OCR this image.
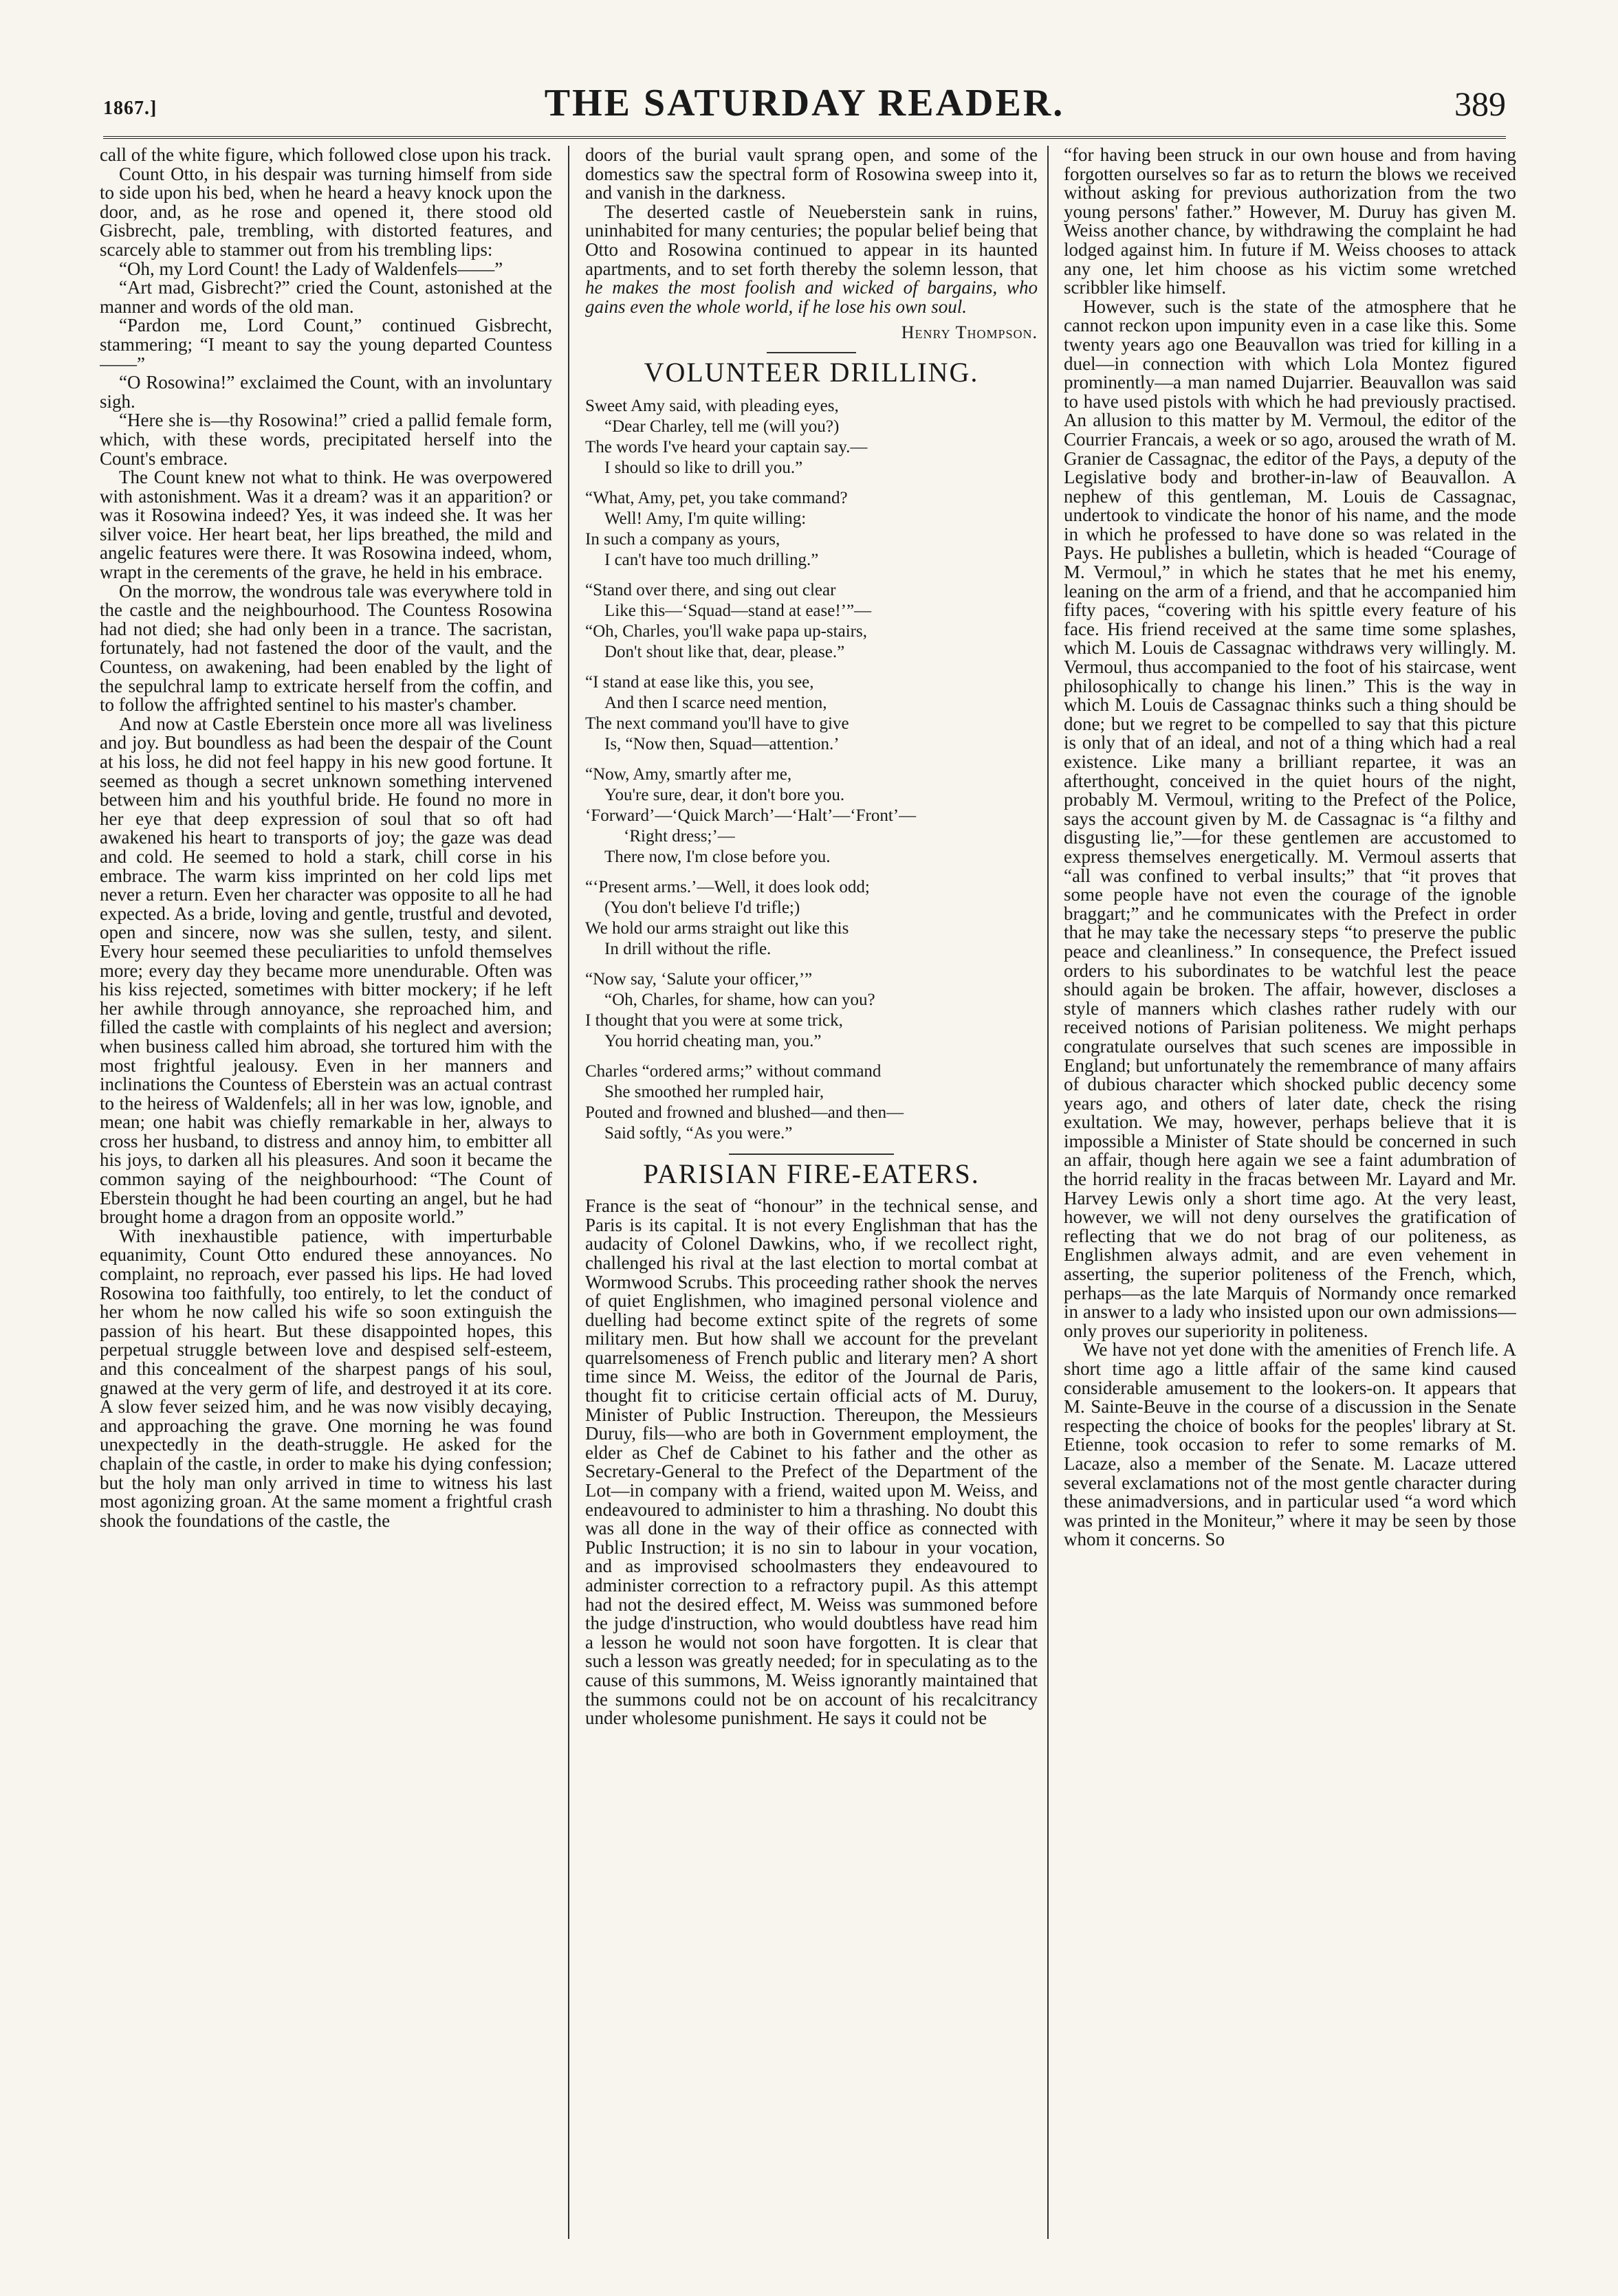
1867.]	THE SATURDAY READER.	389

call of the white figure, which followed close upon his track.

Count Otto, in his despair was turning himself from side to side upon his bed, when he heard a heavy knock upon the door, and, as he rose and opened it, there stood old Gisbrecht, pale, trembling, with distorted features, and scarcely able to stammer out from his trembling lips:

“Oh, my Lord Count! the Lady of Waldenfels——”

“Art mad, Gisbrecht?” cried the Count, astonished at the manner and words of the old man.

“Pardon me, Lord Count,” continued Gisbrecht, stammering; “I meant to say the young departed Countess——”

“O Rosowina!” exclaimed the Count, with an involuntary sigh.

“Here she is—thy Rosowina!” cried a pallid female form, which, with these words, precipitated herself into the Count's embrace.

The Count knew not what to think. He was overpowered with astonishment. Was it a dream? was it an apparition? or was it Rosowina indeed? Yes, it was indeed she. It was her silver voice. Her heart beat, her lips breathed, the mild and angelic features were there. It was Rosowina indeed, whom, wrapt in the cerements of the grave, he held in his embrace.

On the morrow, the wondrous tale was everywhere told in the castle and the neighbourhood. The Countess Rosowina had not died; she had only been in a trance. The sacristan, fortunately, had not fastened the door of the vault, and the Countess, on awakening, had been enabled by the light of the sepulchral lamp to extricate herself from the coffin, and to follow the affrighted sentinel to his master's chamber.

And now at Castle Eberstein once more all was liveliness and joy. But boundless as had been the despair of the Count at his loss, he did not feel happy in his new good fortune. It seemed as though a secret unknown something intervened between him and his youthful bride. He found no more in her eye that deep expression of soul that so oft had awakened his heart to transports of joy; the gaze was dead and cold. He seemed to hold a stark, chill corse in his embrace. The warm kiss imprinted on her cold lips met never a return. Even her character was opposite to all he had expected. As a bride, loving and gentle, trustful and devoted, open and sincere, now was she sullen, testy, and silent. Every hour seemed these peculiarities to unfold themselves more; every day they became more unendurable. Often was his kiss rejected, sometimes with bitter mockery; if he left her awhile through annoyance, she reproached him, and filled the castle with complaints of his neglect and aversion; when business called him abroad, she tortured him with the most frightful jealousy. Even in her manners and inclinations the Countess of Eberstein was an actual contrast to the heiress of Waldenfels; all in her was low, ignoble, and mean; one habit was chiefly remarkable in her, always to cross her husband, to distress and annoy him, to embitter all his joys, to darken all his pleasures. And soon it became the common saying of the neighbourhood: “The Count of Eberstein thought he had been courting an angel, but he had brought home a dragon from an opposite world.”

With inexhaustible patience, with imperturbable equanimity, Count Otto endured these annoyances. No complaint, no reproach, ever passed his lips. He had loved Rosowina too faithfully, too entirely, to let the conduct of her whom he now called his wife so soon extinguish the passion of his heart. But these disappointed hopes, this perpetual struggle between love and despised self-esteem, and this concealment of the sharpest pangs of his soul, gnawed at the very germ of life, and destroyed it at its core. A slow fever seized him, and he was now visibly decaying, and approaching the grave. One morning he was found unexpectedly in the death-struggle. He asked for the chaplain of the castle, in order to make his dying confession; but the holy man only arrived in time to witness his last most agonizing groan. At the same moment a frightful crash shook the foundations of the castle, the

doors of the burial vault sprang open, and some of the domestics saw the spectral form of Rosowina sweep into it, and vanish in the darkness.

The deserted castle of Neueberstein sank in ruins, uninhabited for many centuries; the popular belief being that Otto and Rosowina continued to appear in its haunted apartments, and to set forth thereby the solemn lesson, that he makes the most foolish and wicked of bargains, who gains even the whole world, if he lose his own soul.

Henry Thompson.
VOLUNTEER DRILLING.
Sweet Amy said, with pleading eyes,
“Dear Charley, tell me (will you?)
The words I've heard your captain say.—
I should so like to drill you.”
“What, Amy, pet, you take command?
Well! Amy, I'm quite willing:
In such a company as yours,
I can't have too much drilling.”
“Stand over there, and sing out clear
Like this—‘Squad—stand at ease!’”—
“Oh, Charles, you'll wake papa up-stairs,
Don't shout like that, dear, please.”
“I stand at ease like this, you see,
And then I scarce need mention,
The next command you'll have to give
Is, “Now then, Squad—attention.’
“Now, Amy, smartly after me,
You're sure, dear, it don't bore you.
‘Forward’—‘Quick March’—‘Halt’—‘Front’—
‘Right dress;’—
There now, I'm close before you.
“‘Present arms.’—Well, it does look odd;
(You don't believe I'd trifle;)
We hold our arms straight out like this
In drill without the rifle.
“Now say, ‘Salute your officer,’”
“Oh, Charles, for shame, how can you?
I thought that you were at some trick,
You horrid cheating man, you.”
Charles “ordered arms;” without command
She smoothed her rumpled hair,
Pouted and frowned and blushed—and then—
Said softly, “As you were.”
PARISIAN FIRE-EATERS.

France is the seat of “honour” in the technical sense, and Paris is its capital. It is not every Englishman that has the audacity of Colonel Dawkins, who, if we recollect right, challenged his rival at the last election to mortal combat at Wormwood Scrubs. This proceeding rather shook the nerves of quiet Englishmen, who imagined personal violence and duelling had become extinct spite of the regrets of some military men. But how shall we account for the prevelant quarrelsomeness of French public and literary men? A short time since M. Weiss, the editor of the Journal de Paris, thought fit to criticise certain official acts of M. Duruy, Minister of Public Instruction. Thereupon, the Messieurs Duruy, fils—who are both in Government employment, the elder as Chef de Cabinet to his father and the other as Secretary-General to the Prefect of the Department of the Lot—in company with a friend, waited upon M. Weiss, and endeavoured to administer to him a thrashing. No doubt this was all done in the way of their office as connected with Public Instruction; it is no sin to labour in your vocation, and as improvised schoolmasters they endeavoured to administer correction to a refractory pupil. As this attempt had not the desired effect, M. Weiss was summoned before the judge d'instruction, who would doubtless have read him a lesson he would not soon have forgotten. It is clear that such a lesson was greatly needed; for in speculating as to the cause of this summons, M. Weiss ignorantly maintained that the summons could not be on account of his recalcitrancy under wholesome punishment. He says it could not be

“for having been struck in our own house and from having forgotten ourselves so far as to return the blows we received without asking for previous authorization from the two young persons' father.” However, M. Duruy has given M. Weiss another chance, by withdrawing the complaint he had lodged against him. In future if M. Weiss chooses to attack any one, let him choose as his victim some wretched scribbler like himself.

However, such is the state of the atmosphere that he cannot reckon upon impunity even in a case like this. Some twenty years ago one Beauvallon was tried for killing in a duel—in connection with which Lola Montez figured prominently—a man named Dujarrier. Beauvallon was said to have used pistols with which he had previously practised. An allusion to this matter by M. Vermoul, the editor of the Courrier Francais, a week or so ago, aroused the wrath of M. Granier de Cassagnac, the editor of the Pays, a deputy of the Legislative body and brother-in-law of Beauvallon. A nephew of this gentleman, M. Louis de Cassagnac, undertook to vindicate the honor of his name, and the mode in which he professed to have done so was related in the Pays. He publishes a bulletin, which is headed “Courage of M. Vermoul,” in which he states that he met his enemy, leaning on the arm of a friend, and that he accompanied him fifty paces, “covering with his spittle every feature of his face. His friend received at the same time some splashes, which M. Louis de Cassagnac withdraws very willingly. M. Vermoul, thus accompanied to the foot of his staircase, went philosophically to change his linen.” This is the way in which M. Louis de Cassagnac thinks such a thing should be done; but we regret to be compelled to say that this picture is only that of an ideal, and not of a thing which had a real existence. Like many a brilliant repartee, it was an afterthought, conceived in the quiet hours of the night, probably M. Vermoul, writing to the Prefect of the Police, says the account given by M. de Cassagnac is “a filthy and disgusting lie,”—for these gentlemen are accustomed to express themselves energetically. M. Vermoul asserts that “all was confined to verbal insults;” that “it proves that some people have not even the courage of the ignoble braggart;” and he communicates with the Prefect in order that he may take the necessary steps “to preserve the public peace and cleanliness.” In consequence, the Prefect issued orders to his subordinates to be watchful lest the peace should again be broken. The affair, however, discloses a style of manners which clashes rather rudely with our received notions of Parisian politeness. We might perhaps congratulate ourselves that such scenes are impossible in England; but unfortunately the remembrance of many affairs of dubious character which shocked public decency some years ago, and others of later date, check the rising exultation. We may, however, perhaps believe that it is impossible a Minister of State should be concerned in such an affair, though here again we see a faint adumbration of the horrid reality in the fracas between Mr. Layard and Mr. Harvey Lewis only a short time ago. At the very least, however, we will not deny ourselves the gratification of reflecting that we do not brag of our politeness, as Englishmen always admit, and are even vehement in asserting, the superior politeness of the French, which, perhaps—as the late Marquis of Normandy once remarked in answer to a lady who insisted upon our own admissions—only proves our superiority in politeness.

We have not yet done with the amenities of French life. A short time ago a little affair of the same kind caused considerable amusement to the lookers-on. It appears that M. Sainte-Beuve in the course of a discussion in the Senate respecting the choice of books for the peoples' library at St. Etienne, took occasion to refer to some remarks of M. Lacaze, also a member of the Senate. M. Lacaze uttered several exclamations not of the most gentle character during these animadversions, and in particular used “a word which was printed in the Moniteur,” where it may be seen by those whom it concerns. So
